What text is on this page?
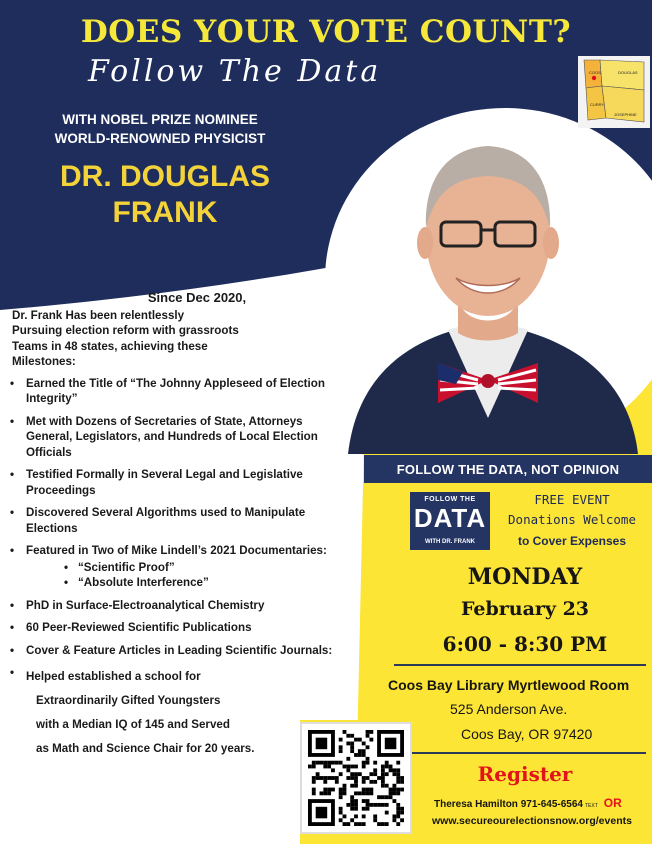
DOES YOUR VOTE COUNT?
Follow The Data	COOS	DOUGLAS
CURRY
JOSEPHINE
WITH NOBEL PRIZE NOMINEE
WORLD-RENOWNED PHYSICIST
DR. DOUGLAS
FRANK
Since Dec 2020,
Dr. Frank Has been relentlessly
Pursuing election reform with grassroots
Teams in 48 states, achieving these
Milestones:
• Earned the Title of “The Johnny Appleseed of Election Integrity”
• Met with Dozens of Secretaries of State, Attorneys General, Legislators, and Hundreds of Local Election Officials
• Testified Formally in Several Legal and Legislative Proceedings
• Discovered Several Algorithms used to Manipulate Elections
• Featured in Two of Mike Lindell’s 2021 Documentaries:
• “Scientific Proof”
• “Absolute Interference”
• PhD in Surface-Electroanalytical Chemistry
• 60 Peer-Reviewed Scientific Publications
• Cover & Feature Articles in Leading Scientific Journals:
• Helped established a school for
Extraordinarily Gifted Youngsters
with a Median IQ of 145 and Served
as Math and Science Chair for 20 years.
FOLLOW THE DATA, NOT OPINION
FOLLOW THE
DATA
WITH DR. FRANK
FREE EVENT
Donations Welcome
to Cover Expenses
MONDAY
February 23
6:00 - 8:30 PM
Coos Bay Library Myrtlewood Room
525 Anderson Ave.
Coos Bay, OR 97420
Register
Theresa Hamilton 971-645-6564 TEXT OR
www.secureourelectionsnow.org/events
